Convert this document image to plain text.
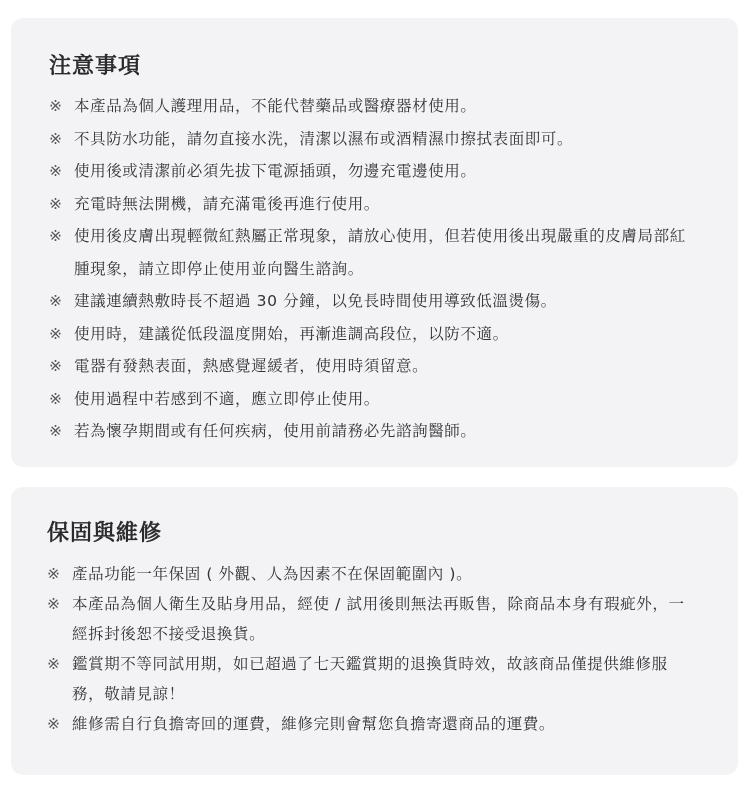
注意事項
※ 本產品為個人護理用品，不能代替藥品或醫療器材使用。
※ 不具防水功能，請勿直接水洗，清潔以濕布或酒精濕巾擦拭表面即可。
※ 使用後或清潔前必須先拔下電源插頭，勿邊充電邊使用。
※ 充電時無法開機，請充滿電後再進行使用。
※ 使用後皮膚出現輕微紅熱屬正常現象，請放心使用，但若使用後出現嚴重的皮膚局部紅腫現象，請立即停止使用並向醫生諮詢。
※ 建議連續熱敷時長不超過 30 分鐘，以免長時間使用導致低溫燙傷。
※ 使用時，建議從低段溫度開始，再漸進調高段位，以防不適。
※ 電器有發熱表面，熱感覺遲緩者，使用時須留意。
※ 使用過程中若感到不適，應立即停止使用。
※ 若為懷孕期間或有任何疾病，使用前請務必先諮詢醫師。
保固與維修
※ 產品功能一年保固 ( 外觀、人為因素不在保固範圍內 )。
※ 本產品為個人衛生及貼身用品，經使 / 試用後則無法再販售，除商品本身有瑕疵外，一經拆封後恕不接受退換貨。
※ 鑑賞期不等同試用期，如已超過了七天鑑賞期的退換貨時效，故該商品僅提供維修服務，敬請見諒！
※ 維修需自行負擔寄回的運費，維修完則會幫您負擔寄還商品的運費。
